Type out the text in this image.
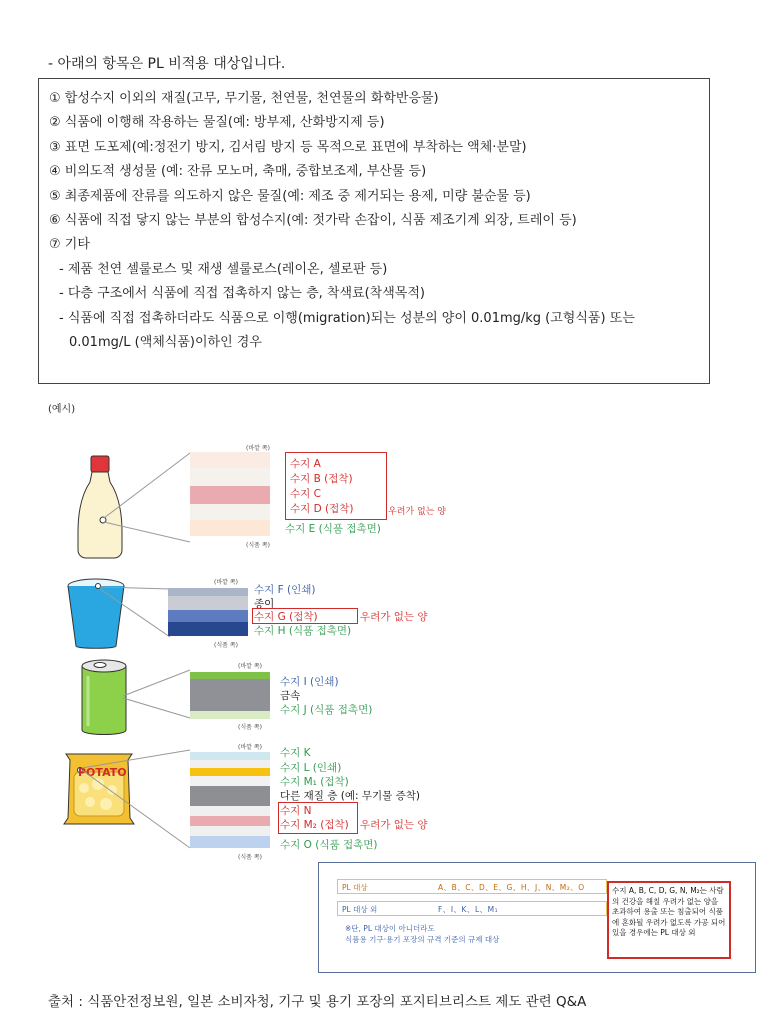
- 아래의 항목은 PL 비적용 대상입니다.
① 합성수지 이외의 재질(고무, 무기물, 천연물, 천연물의 화학반응물)
② 식품에 이행해 작용하는 물질(예: 방부제, 산화방지제 등)
③ 표면 도포제(예:정전기 방지, 김서림 방지 등 목적으로 표면에 부착하는 액체·분말)
④ 비의도적 생성물 (예: 잔류 모노머, 축매, 중합보조제, 부산물 등)
⑤ 최종제품에 잔류를 의도하지 않은 물질(예: 제조 중 제거되는 용제, 미량 불순물 등)
⑥ 식품에 직접 닿지 않는 부분의 합성수지(예: 젓가락 손잡이, 식품 제조기계 외장, 트레이 등)
⑦ 기타
- 제품 천연 셀룰로스 및 재생 셀룰로스(레이온, 셀로판 등)
- 다층 구조에서 식품에 직접 접촉하지 않는 층, 착색료(착색목적)
- 식품에 직접 접촉하더라도 식품으로 이행(migration)되는 성분의 양이 0.01mg/kg (고형식품) 또는
0.01mg/L (액체식품)이하인 경우
(예시)
(바깥 쪽)
(식품 쪽)
수지 A
수지 B (접착)
수지 C
수지 D (접착)	우려가 없는 양
수지 E (식품 접촉면)
(바깥 쪽)
(식품 쪽)
수지 F (인쇄)
종이
수지 G (접착)	우려가 없는 양
수지 H (식품 접촉면)
(바깥 쪽)
(식품 쪽)
수지 I (인쇄)
금속
수지 J (식품 접촉면)
POTATO
(바깥 쪽)
(식품 쪽)
수지 K
수지 L (인쇄)
수지 M₁ (접착)
다른 재질 층 (예: 무기물 증착)
수지 N
수지 M₂ (접착) 우려가 없는 양
수지 O (식품 접촉면)
PL 대상	A、B、C、D、E、G、H、J、N、M₂、O
PL 대상 외	F、I、K、L、M₁
※단, PL 대상이 아니더라도
식품용 기구·용기 포장의 규격 기준의 규제 대상
수지 A, B, C, D, G, N, M₂는 사람의 건강을 해칠 우려가 없는 양을 초과하여 용출 또는 침출되어 식품에 혼화될 우려가 없도록 가공 되어 있을 경우에는 PL 대상 외
출처 : 식품안전정보원, 일본 소비자청, 기구 및 용기 포장의 포지티브리스트 제도 관련 Q&A
